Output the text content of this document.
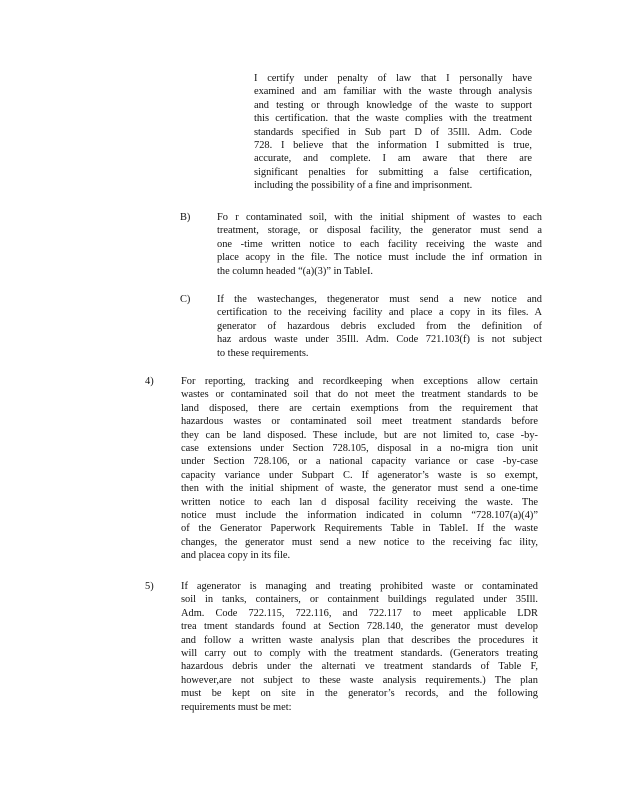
I certify under penalty of law that I personally have
examined and am familiar with the waste through analysis
and testing or through knowledge of the waste to support
this certification. that the waste complies with the treatment
standards specified in Sub part D of 35Ill. Adm. Code
728. I believe that the information I submitted is true,
accurate, and complete. I am aware that there are
significant penalties for submitting a false certification,
including the possibility of a fine and imprisonment.
B)	Fo r contaminated soil, with the initial shipment of wastes to each
treatment, storage, or disposal facility, the generator must send a
one -time written notice to each facility receiving the waste and
place acopy in the file. The notice must include the inf ormation in
the column headed “(a)(3)” in TableI.
C)	If the wastechanges, thegenerator must send a new notice and
certification to the receiving facility and place a copy in its files. A
generator of hazardous debris excluded from the definition of
haz ardous waste under 35Ill. Adm. Code 721.103(f) is not subject
to these requirements.
4)	For reporting, tracking and recordkeeping when exceptions allow certain
wastes or contaminated soil that do not meet the treatment standards to be
land disposed, there are certain exemptions from the requirement that
hazardous wastes or contaminated soil meet treatment standards before
they can be land disposed. These include, but are not limited to, case -by-
case extensions under Section 728.105, disposal in a no-migra tion unit
under Section 728.106, or a national capacity variance or case -by-case
capacity variance under Subpart C. If agenerator’s waste is so exempt,
then with the initial shipment of waste, the generator must send a one-time
written notice to each lan d disposal facility receiving the waste. The
notice must include the information indicated in column “728.107(a)(4)”
of the Generator Paperwork Requirements Table in TableI. If the waste
changes, the generator must send a new notice to the receiving fac ility,
and placea copy in its file.
5)	If agenerator is managing and treating prohibited waste or contaminated
soil in tanks, containers, or containment buildings regulated under 35Ill.
Adm. Code 722.115, 722.116, and 722.117 to meet applicable LDR
trea tment standards found at Section 728.140, the generator must develop
and follow a written waste analysis plan that describes the procedures it
will carry out to comply with the treatment standards. (Generators treating
hazardous debris under the alternati ve treatment standards of Table F,
however,are not subject to these waste analysis requirements.) The plan
must be kept on site in the generator’s records, and the following
requirements must be met:
